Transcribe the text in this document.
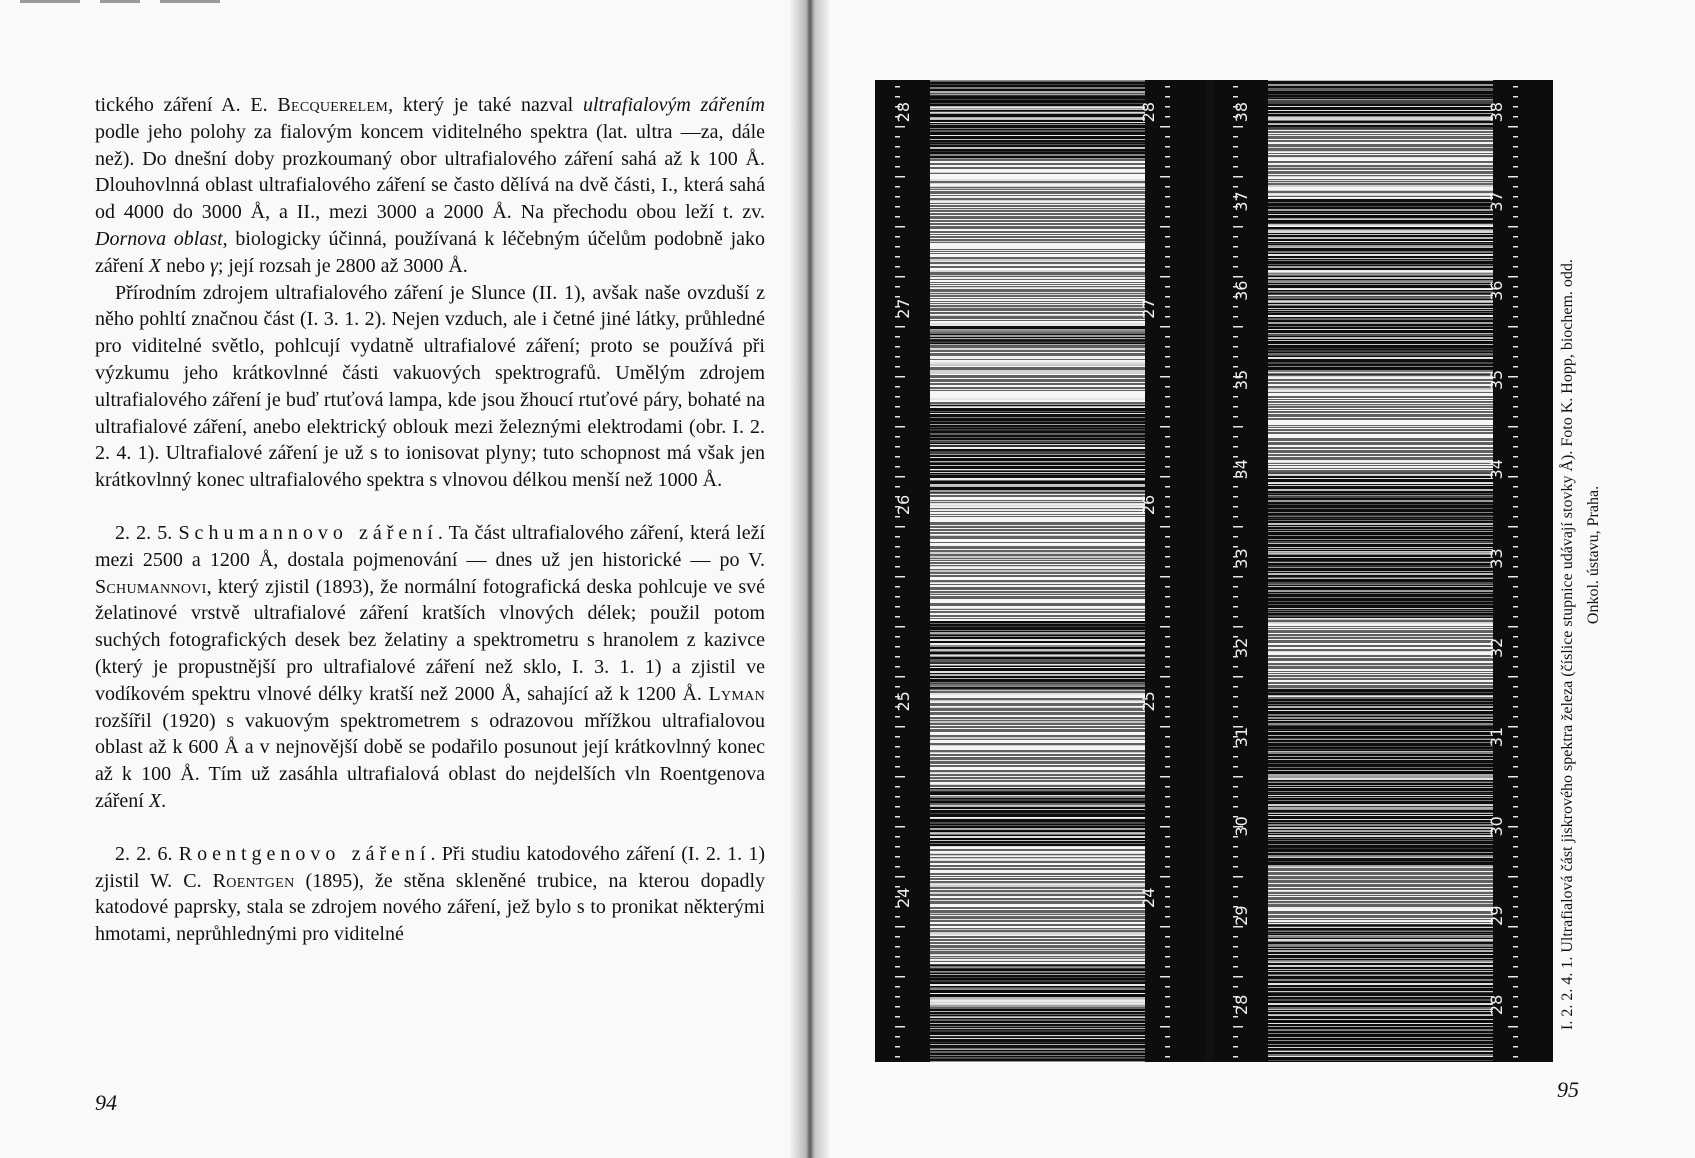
tického záření A. E. Becquerelem, který je také nazval ultrafialovým zářením podle jeho polohy za fialovým koncem viditelného spektra (lat. ultra —za, dále než). Do dnešní doby prozkoumaný obor ultrafialového záření sahá až k 100 Å. Dlouhovlnná oblast ultrafialového záření se často dělívá na dvě části, I., která sahá od 4000 do 3000 Å, a II., mezi 3000 a 2000 Å. Na přechodu obou leží t. zv. Dornova oblast, biologicky účinná, používaná k léčebným účelům podobně jako záření X nebo γ; její rozsah je 2800 až 3000 Å.

Přírodním zdrojem ultrafialového záření je Slunce (II. 1), avšak naše ovzduší z něho pohltí značnou část (I. 3. 1. 2). Nejen vzduch, ale i četné jiné látky, průhledné pro viditelné světlo, pohlcují vydatně ultrafialové záření; proto se používá při výzkumu jeho krátkovlnné části vakuových spektrografů. Umělým zdrojem ultrafialového záření je buď rtuťová lampa, kde jsou žhoucí rtuťové páry, bohaté na ultrafialové záření, anebo elektrický oblouk mezi železnými elektrodami (obr. I. 2. 2. 4. 1). Ultrafialové záření je už s to ionisovat plyny; tuto schopnost má však jen krátkovlnný konec ultrafialového spektra s vlnovou délkou menší než 1000 Å.

2. 2. 5. Schumannovo záření. Ta část ultrafialového záření, která leží mezi 2500 a 1200 Å, dostala pojmenování — dnes už jen historické — po V. Schumannovi, který zjistil (1893), že normální fotografická deska pohlcuje ve své želatinové vrstvě ultrafialové záření kratších vlnových délek; použil potom suchých fotografických desek bez želatiny a spektrometru s hranolem z kazivce (který je propustnější pro ultrafialové záření než sklo, I. 3. 1. 1) a zjistil ve vodíkovém spektru vlnové délky kratší než 2000 Å, sahající až k 1200 Å. Lyman rozšířil (1920) s vakuovým spektrometrem s odrazovou mřížkou ultrafialovou oblast až k 600 Å a v nejnovější době se podařilo posunout její krátkovlnný konec až k 100 Å. Tím už zasáhla ultrafialová oblast do nejdelších vln Roentgenova záření X.

2. 2. 6. Roentgenovo záření. Při studiu katodového záření (I. 2. 1. 1) zjistil W. C. Roentgen (1895), že stěna skleněné trubice, na kterou dopadly katodové paprsky, stala se zdrojem nového záření, jež bylo s to pronikat některými hmotami, neprůhlednými pro viditelné

94
95
28
27
26
25
24
28
27
26
25
24
38
37
36
35
34
33
32
31
30
29
28
38
37
36
35
34
33
32
31
30
29
28	I. 2. 2. 4. 1. Ultrafialová část jiskrového spektra železa (číslice stupnice udávají stovky Å). Foto K. Hopp, biochem. odd. Onkol. ústavu, Praha.
